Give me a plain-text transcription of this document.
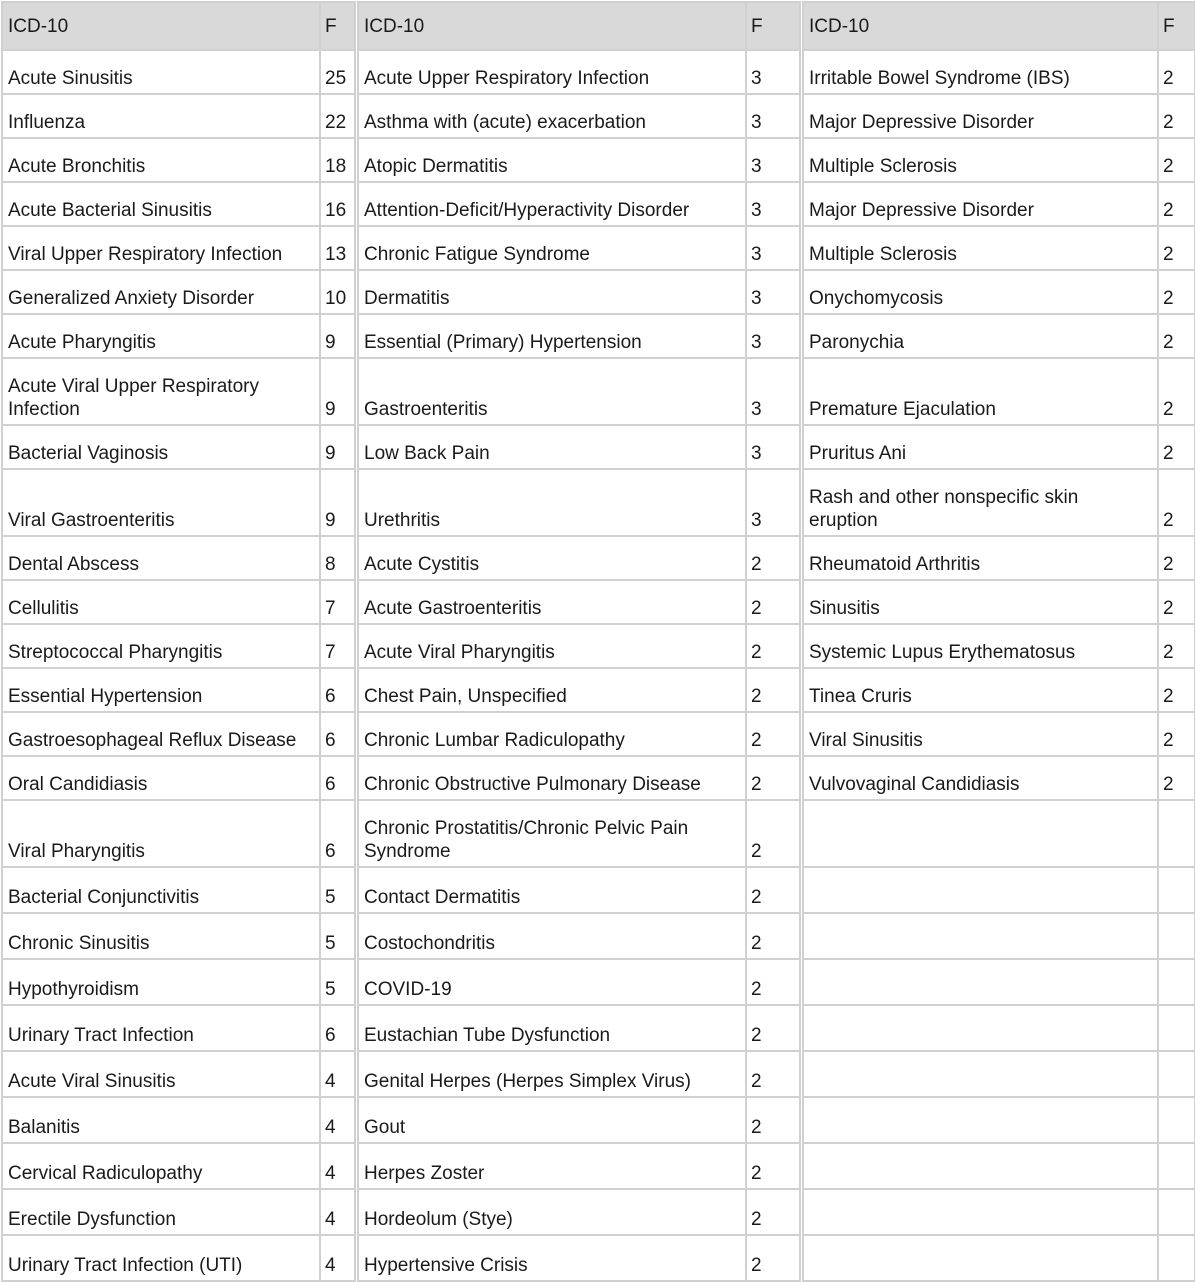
ICD-10	F		ICD-10	F		ICD-10	F
Acute Sinusitis	25		Acute Upper Respiratory Infection	3		Irritable Bowel Syndrome (IBS)	2
Influenza	22		Asthma with (acute) exacerbation	3		Major Depressive Disorder	2
Acute Bronchitis	18		Atopic Dermatitis	3		Multiple Sclerosis	2
Acute Bacterial Sinusitis	16		Attention-Deficit/Hyperactivity Disorder	3		Major Depressive Disorder	2
Viral Upper Respiratory Infection	13		Chronic Fatigue Syndrome	3		Multiple Sclerosis	2
Generalized Anxiety Disorder	10		Dermatitis	3		Onychomycosis	2
Acute Pharyngitis	9		Essential (Primary) Hypertension	3		Paronychia	2
Acute Viral Upper Respiratory Infection	9		Gastroenteritis	3		Premature Ejaculation	2
Bacterial Vaginosis	9		Low Back Pain	3		Pruritus Ani	2
Viral Gastroenteritis	9		Urethritis	3		Rash and other nonspecific skin eruption	2
Dental Abscess	8		Acute Cystitis	2		Rheumatoid Arthritis	2
Cellulitis	7		Acute Gastroenteritis	2		Sinusitis	2
Streptococcal Pharyngitis	7		Acute Viral Pharyngitis	2		Systemic Lupus Erythematosus	2
Essential Hypertension	6		Chest Pain, Unspecified	2		Tinea Cruris	2
Gastroesophageal Reflux Disease	6		Chronic Lumbar Radiculopathy	2		Viral Sinusitis	2
Oral Candidiasis	6		Chronic Obstructive Pulmonary Disease	2		Vulvovaginal Candidiasis	2
Viral Pharyngitis	6		Chronic Prostatitis/Chronic Pelvic Pain Syndrome	2			
Bacterial Conjunctivitis	5		Contact Dermatitis	2			
Chronic Sinusitis	5		Costochondritis	2			
Hypothyroidism	5		COVID-19	2			
Urinary Tract Infection	6		Eustachian Tube Dysfunction	2			
Acute Viral Sinusitis	4		Genital Herpes (Herpes Simplex Virus)	2			
Balanitis	4		Gout	2			
Cervical Radiculopathy	4		Herpes Zoster	2			
Erectile Dysfunction	4		Hordeolum (Stye)	2			
Urinary Tract Infection (UTI)	4		Hypertensive Crisis	2			
